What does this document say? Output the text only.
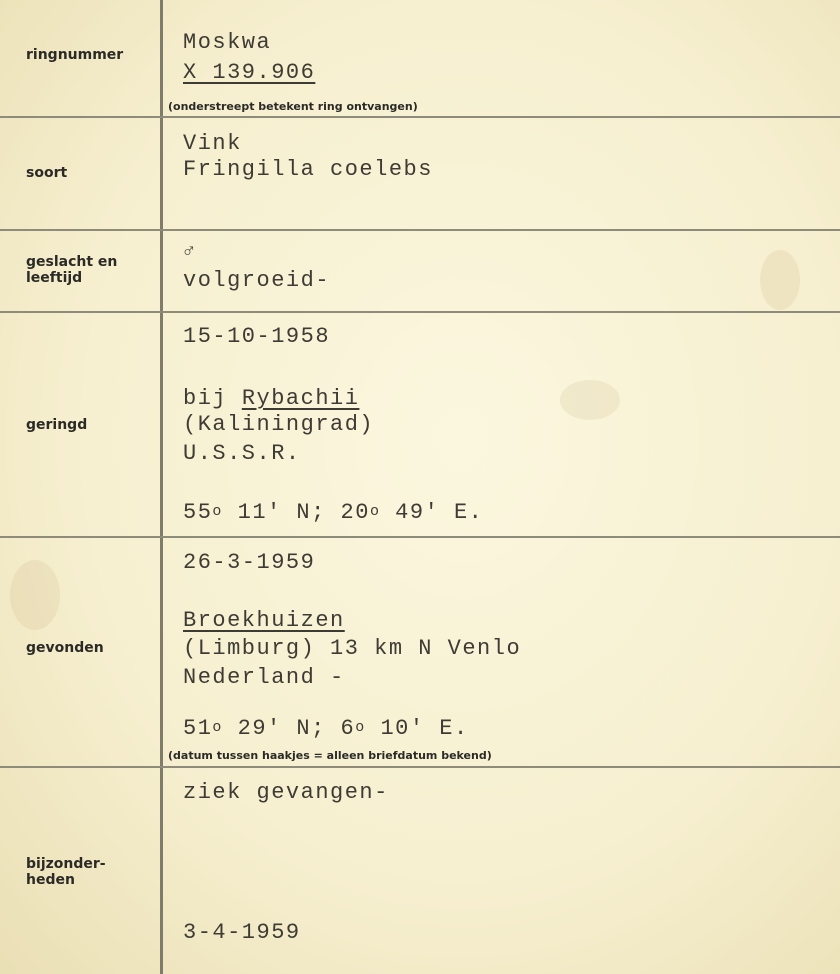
ringnummer
soort
geslacht en
leeftijd
geringd
gevonden
bijzonder-
heden
Moskwa
X 139.906
(onderstreept betekent ring ontvangen)
Vink
Fringilla coelebs
♂
volgroeid-
15-10-1958
bij Rybachii
(Kaliningrad)
U.S.S.R.
55$^o$ 11' N; 20$^o$ 49' E.
26-3-1959
Broekhuizen
(Limburg) 13 km N Venlo
Nederland -
51$^o$ 29' N; 6$^o$ 10' E.
(datum tussen haakjes = alleen briefdatum bekend)
ziek gevangen-
3-4-1959
